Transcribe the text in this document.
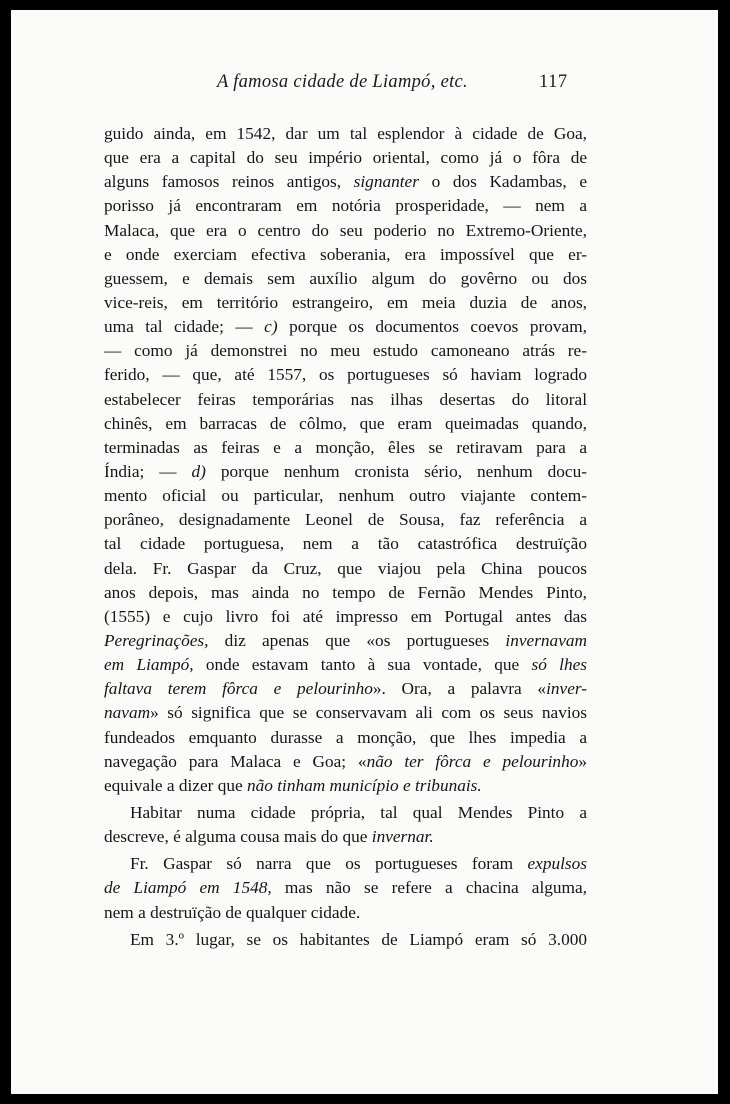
A famosa cidade de Liampó, etc.	117
guido ainda, em 1542, dar um tal esplendor à cidade de Goa,
que era a capital do seu império oriental, como já o fôra de
alguns famosos reinos antigos, signanter o dos Kadambas, e
porisso já encontraram em notória prosperidade, — nem a
Malaca, que era o centro do seu poderio no Extremo-Oriente,
e onde exerciam efectiva soberania, era impossível que er-
guessem, e demais sem auxílio algum do govêrno ou dos
vice-reis, em território estrangeiro, em meia duzia de anos,
uma tal cidade; — c) porque os documentos coevos provam,
— como já demonstrei no meu estudo camoneano atrás re-
ferido, — que, até 1557, os portugueses só haviam logrado
estabelecer feiras temporárias nas ilhas desertas do litoral
chinês, em barracas de côlmo, que eram queimadas quando,
terminadas as feiras e a monção, êles se retiravam para a
Índia; — d) porque nenhum cronista sério, nenhum docu-
mento oficial ou particular, nenhum outro viajante contem-
porâneo, designadamente Leonel de Sousa, faz referência a
tal cidade portuguesa, nem a tão catastrófica destruïção
dela. Fr. Gaspar da Cruz, que viajou pela China poucos
anos depois, mas ainda no tempo de Fernão Mendes Pinto,
(1555) e cujo livro foi até impresso em Portugal antes das
Peregrinações, diz apenas que «os portugueses invernavam
em Liampó, onde estavam tanto à sua vontade, que só lhes
faltava terem fôrca e pelourinho». Ora, a palavra «inver-
navam» só significa que se conservavam ali com os seus navios
fundeados emquanto durasse a monção, que lhes impedia a
navegação para Malaca e Goa; «não ter fôrca e pelourinho»
equivale a dizer que não tinham município e tribunais.
Habitar numa cidade própria, tal qual Mendes Pinto a
descreve, é alguma cousa mais do que invernar.
Fr. Gaspar só narra que os portugueses foram expulsos
de Liampó em 1548, mas não se refere a chacina alguma,
nem a destruïção de qualquer cidade.
Em 3.º lugar, se os habitantes de Liampó eram só 3.000
